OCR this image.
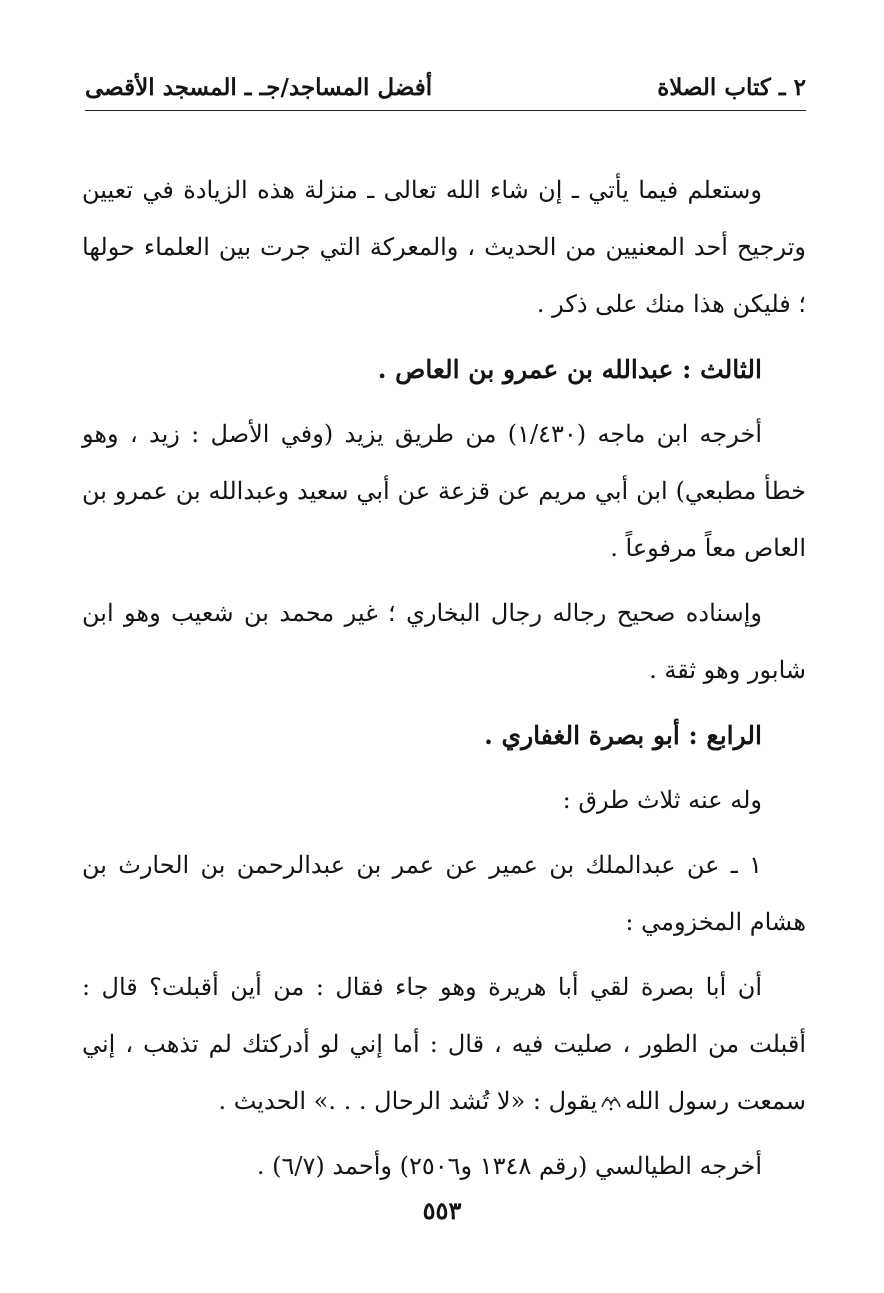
٢ ـ كتاب الصلاة
أفضل المساجد/جـ ـ المسجد الأقصى

وستعلم فيما يأتي ـ إن شاء الله تعالى ـ منزلة هذه الزيادة في تعيين وترجيح أحد المعنيين من الحديث ، والمعركة التي جرت بين العلماء حولها ؛ فليكن هذا منك على ذكر .

الثالث : عبدالله بن عمرو بن العاص .

أخرجه ابن ماجه (١/٤٣٠) من طريق يزيد (وفي الأصل : زيد ، وهو خطأ مطبعي) ابن أبي مريم عن قزعة عن أبي سعيد وعبدالله بن عمرو بن العاص معاً مرفوعاً .

وإسناده صحيح رجاله رجال البخاري ؛ غير محمد بن شعيب وهو ابن شابور وهو ثقة .

الرابع : أبو بصرة الغفاري .

وله عنه ثلاث طرق :

١ ـ عن عبدالملك بن عمير عن عمر بن عبدالرحمن بن الحارث بن هشام المخزومي :

أن أبا بصرة لقي أبا هريرة وهو جاء فقال : من أين أقبلت؟ قال : أقبلت من الطور ، صليت فيه ، قال : أما إني لو أدركتك لم تذهب ، إني سمعت رسول اللهيقول : «لا تُشد الرحال . . .» الحديث .

أخرجه الطيالسي (رقم ١٣٤٨ و٢٥٠٦) وأحمد (٦/٧) .

٥٥٣
